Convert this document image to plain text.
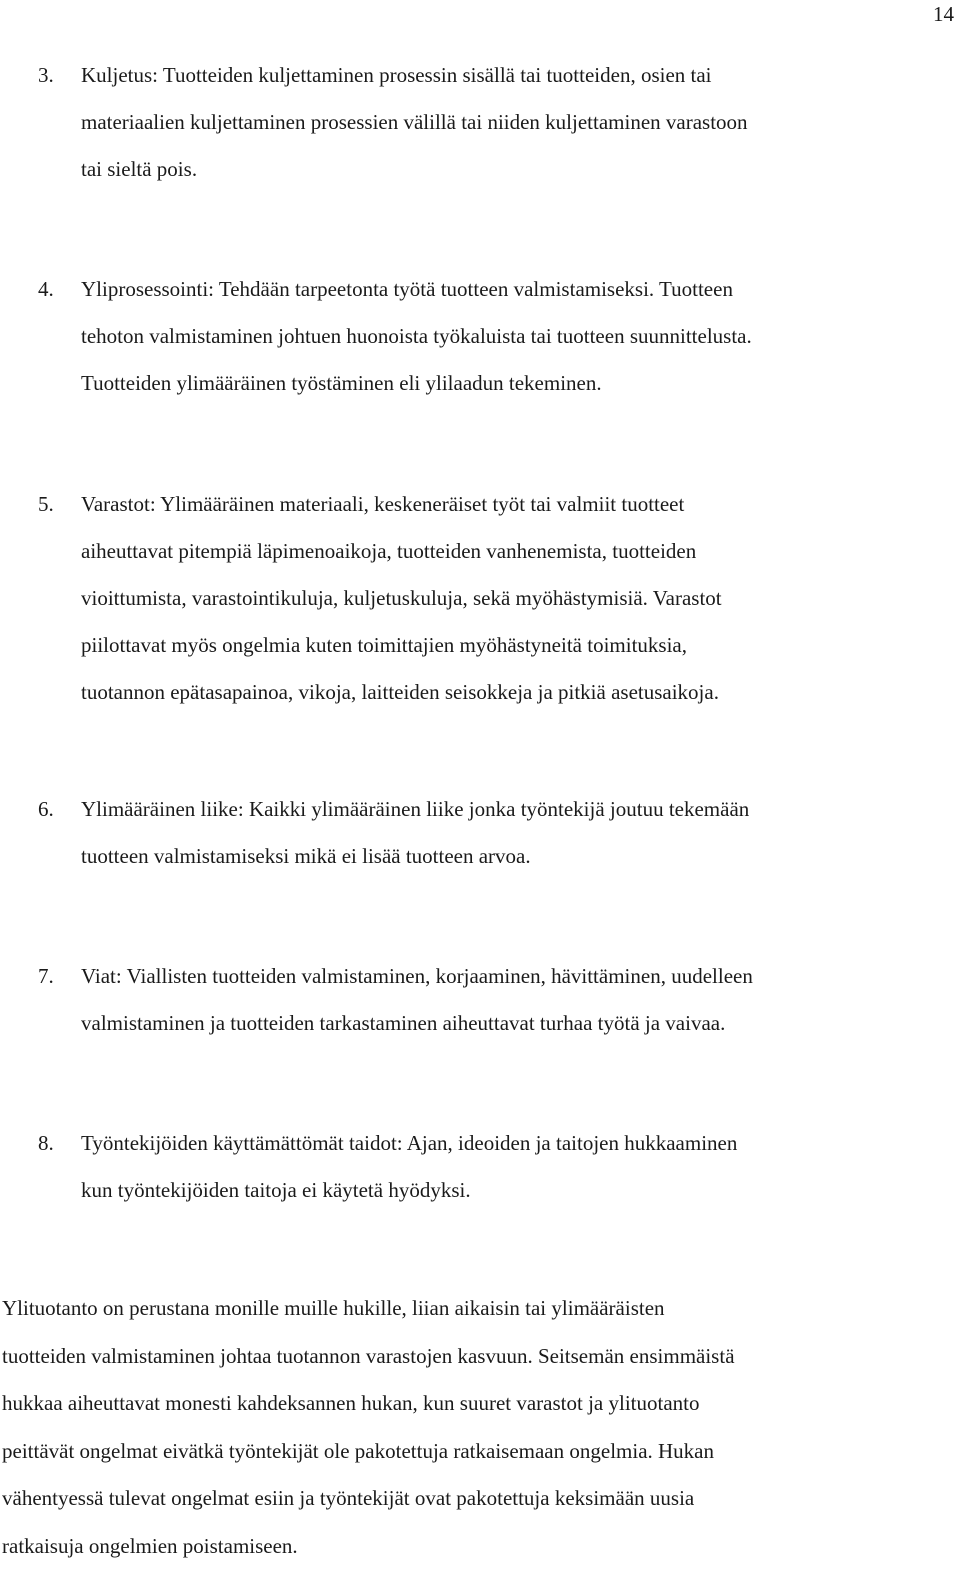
14
3. Kuljetus: Tuotteiden kuljettaminen prosessin sisällä tai tuotteiden, osien tai
materiaalien kuljettaminen prosessien välillä tai niiden kuljettaminen varastoon
tai sieltä pois.
4. Yliprosessointi: Tehdään tarpeetonta työtä tuotteen valmistamiseksi. Tuotteen
tehoton valmistaminen johtuen huonoista työkaluista tai tuotteen suunnittelusta.
Tuotteiden ylimääräinen työstäminen eli ylilaadun tekeminen.
5. Varastot: Ylimääräinen materiaali, keskeneräiset työt tai valmiit tuotteet
aiheuttavat pitempiä läpimenoaikoja, tuotteiden vanhenemista, tuotteiden
vioittumista, varastointikuluja, kuljetuskuluja, sekä myöhästymisiä. Varastot
piilottavat myös ongelmia kuten toimittajien myöhästyneitä toimituksia,
tuotannon epätasapainoa, vikoja, laitteiden seisokkeja ja pitkiä asetusaikoja.
6. Ylimääräinen liike: Kaikki ylimääräinen liike jonka työntekijä joutuu tekemään
tuotteen valmistamiseksi mikä ei lisää tuotteen arvoa.
7. Viat: Viallisten tuotteiden valmistaminen, korjaaminen, hävittäminen, uudelleen
valmistaminen ja tuotteiden tarkastaminen aiheuttavat turhaa työtä ja vaivaa.
8. Työntekijöiden käyttämättömät taidot: Ajan, ideoiden ja taitojen hukkaaminen
kun työntekijöiden taitoja ei käytetä hyödyksi.
Ylituotanto on perustana monille muille hukille, liian aikaisin tai ylimääräisten
tuotteiden valmistaminen johtaa tuotannon varastojen kasvuun. Seitsemän ensimmäistä
hukkaa aiheuttavat monesti kahdeksannen hukan, kun suuret varastot ja ylituotanto
peittävät ongelmat eivätkä työntekijät ole pakotettuja ratkaisemaan ongelmia. Hukan
vähentyessä tulevat ongelmat esiin ja työntekijät ovat pakotettuja keksimään uusia
ratkaisuja ongelmien poistamiseen.
